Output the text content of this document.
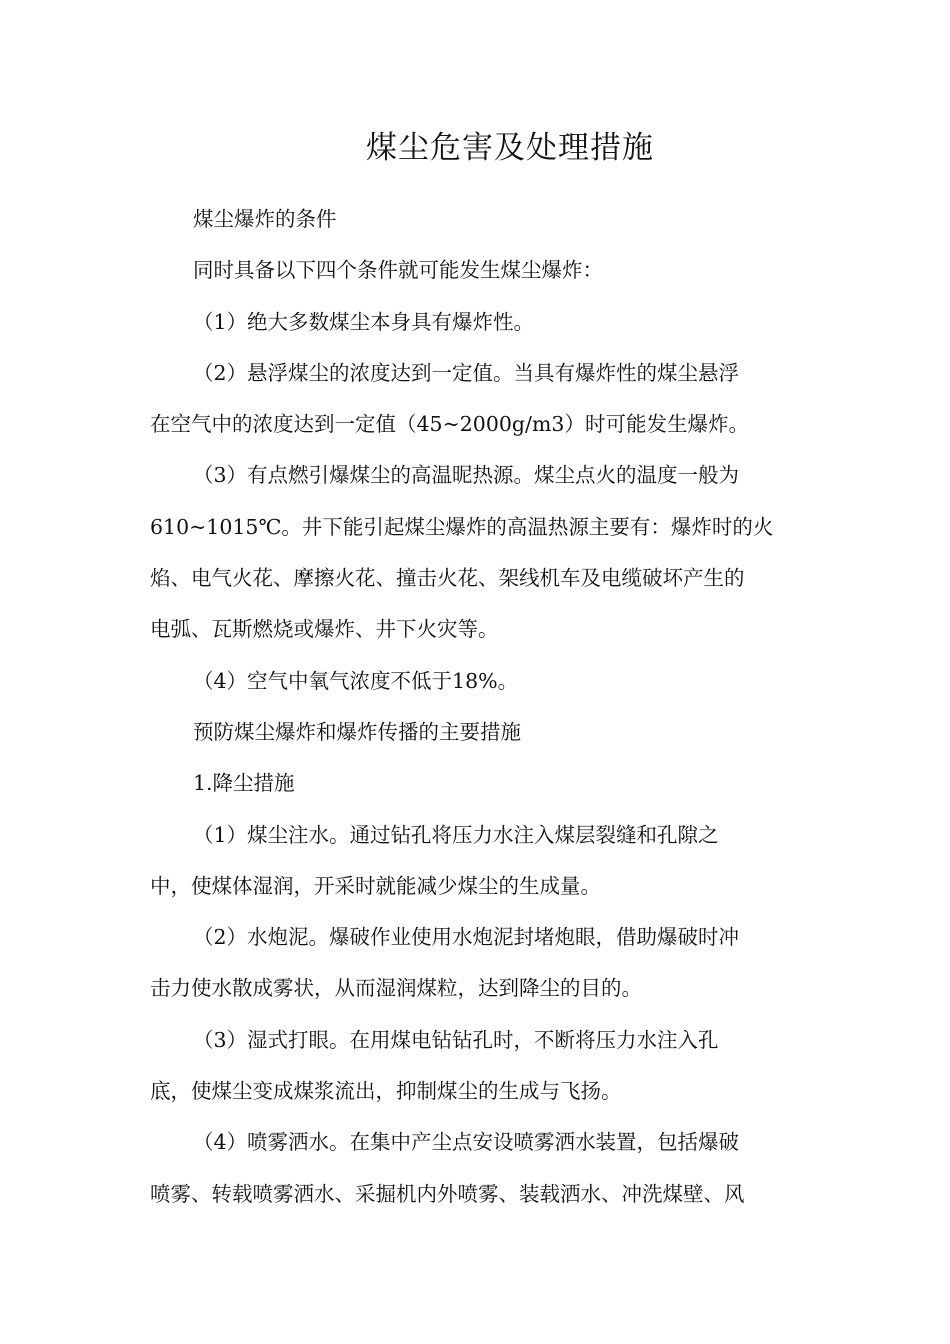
煤尘危害及处理措施
煤尘爆炸的条件
同时具备以下四个条件就可能发生煤尘爆炸：
（1）绝大多数煤尘本身具有爆炸性。
（2）悬浮煤尘的浓度达到一定值。当具有爆炸性的煤尘悬浮
在空气中的浓度达到一定值（45~2000g/m3）时可能发生爆炸。
（3）有点燃引爆煤尘的高温昵热源。煤尘点火的温度一般为
610~1015℃。井下能引起煤尘爆炸的高温热源主要有：爆炸时的火
焰、电气火花、摩擦火花、撞击火花、架线机车及电缆破坏产生的
电弧、瓦斯燃烧或爆炸、井下火灾等。
（4）空气中氧气浓度不低于18%。
预防煤尘爆炸和爆炸传播的主要措施
1.降尘措施
（1）煤尘注水。通过钻孔将压力水注入煤层裂缝和孔隙之
中，使煤体湿润，开采时就能减少煤尘的生成量。
（2）水炮泥。爆破作业使用水炮泥封堵炮眼，借助爆破时冲
击力使水散成雾状，从而湿润煤粒，达到降尘的目的。
（3）湿式打眼。在用煤电钻钻孔时，不断将压力水注入孔
底，使煤尘变成煤浆流出，抑制煤尘的生成与飞扬。
（4）喷雾洒水。在集中产尘点安设喷雾洒水装置，包括爆破
喷雾、转载喷雾洒水、采掘机内外喷雾、装载洒水、冲洗煤壁、风
